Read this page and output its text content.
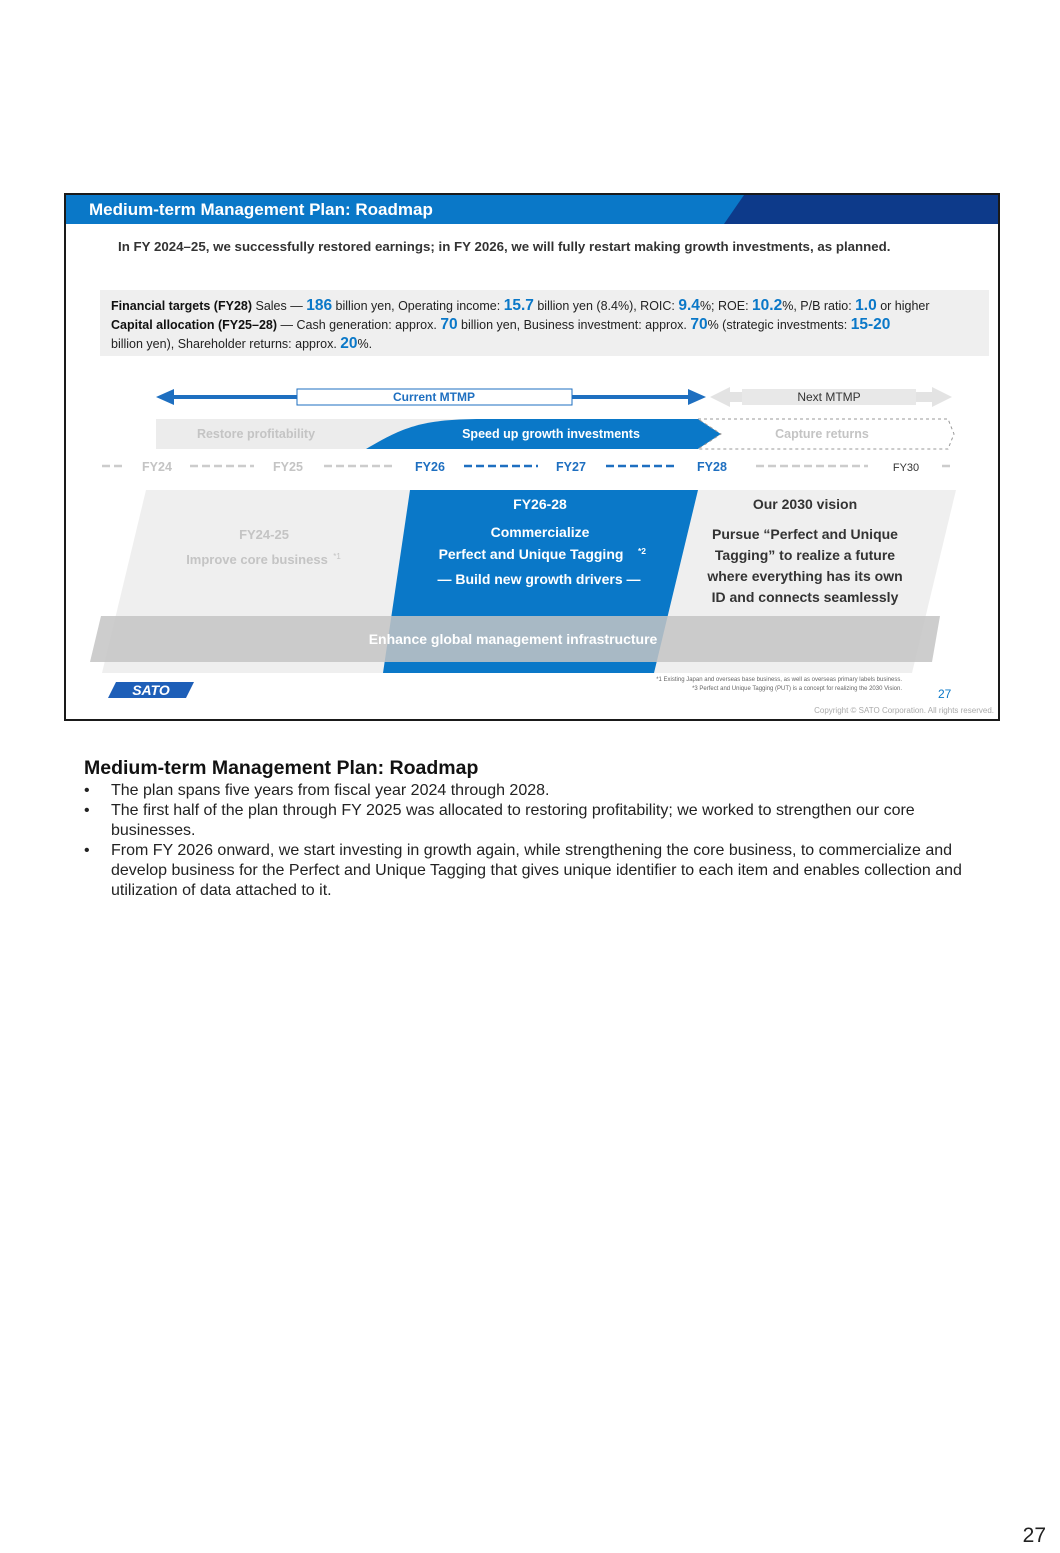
Medium-term Management Plan: Roadmap
In FY 2024–25, we successfully restored earnings; in FY 2026, we will fully restart making growth investments, as planned.

Financial targets (FY28) Sales — 186 billion yen, Operating income: 15.7 billion yen (8.4%), ROIC: 9.4%; ROE: 10.2%, P/B ratio: 1.0 or higher

Capital allocation (FY25–28) — Cash generation: approx. 70 billion yen, Business investment: approx. 70% (strategic investments: 15-20

billion yen), Shareholder returns: approx. 20%.

Current MTMP	Next MTMP
Restore profitability	Speed up growth investments	Capture returns
FY24	FY25	FY26	FY27	FY28	FY30
FY24-25
Improve core business *1
FY26-28
Commercialize
Perfect and Unique Tagging *2
— Build new growth drivers —
Our 2030 vision
Pursue “Perfect and Unique
Tagging” to realize a future
where everything has its own
ID and connects seamlessly
Enhance global management infrastructure
*1 Existing Japan and overseas base business, as well as overseas primary labels business.
*3 Perfect and Unique Tagging (PUT) is a concept for realizing the 2030 Vision.
SATO	27
Copyright © SATO Corporation. All rights reserved.
Medium-term Management Plan: Roadmap
• The plan spans five years from fiscal year 2024 through 2028.
• The first half of the plan through FY 2025 was allocated to restoring profitability; we worked to strengthen our core businesses.
• From FY 2026 onward, we start investing in growth again, while strengthening the core business, to commercialize and develop business for the Perfect and Unique Tagging that gives unique identifier to each item and enables collection and utilization of data attached to it.
27
